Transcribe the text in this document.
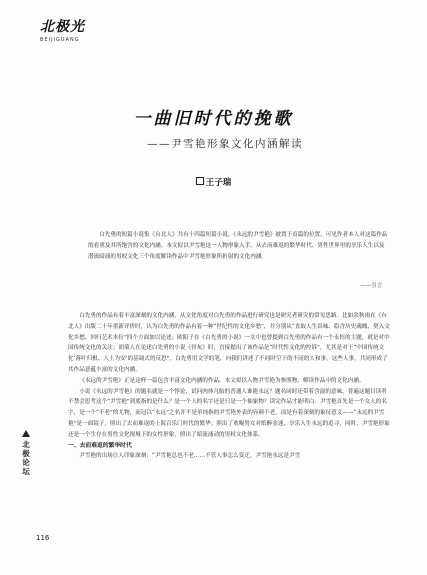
北极光
BEIJIGUANG
一曲旧时代的挽歌
——尹雪艳形象文化内涵解读
王子瑞
白先勇的短篇小说集《台北人》共有十四篇短篇小说，《永远的尹雪艳》被置于首篇的位置，可见作者本人对这篇作品的看重及其所饱含的文化内涵。本文拟以尹雪艳这一人物形象入手，从去而难返的繁华时代、男性世界里的享乐人生以及潜流暗涌的男权文化三个角度解读作品中尹雪艳形象所折射的文化内涵。
——引言

白先勇的作品有着丰富深刻的文化内涵，从文化角度对白先勇的作品进行研究也是研究者研究的常见思路。比如余秋雨在《台北人》出版二十年重新评价时，认为白先勇的作品有着一种“世纪性的文化乡愁”，并分别从“直取人生真味、隐含历史魂魄、契入文化乡愁、回归艺术本位”四个方面加以论述；欧阳子在《白先勇的小说》一文中也曾提到白先勇的作品有一个永恒的主题，就是对中国传统文化的关注；胡菊人在论述白先勇的小说《骨灰》时，直接提出了该作品是“时代性文化的控诉”，尤其是对于“中国传统文化‘落叶归根、人土为安’的基调式的反思”。白先勇用文学的笔，向我们讲述了不同时空下的不同的人和事，这些人事，共同形成了其作品意蕴丰富的文化内涵。

《永远的尹雪艳》正是这样一篇包含丰富文化内涵的作品，本文拟以人物尹雪艳为参照物，解读作品中的文化内涵。

小说《永远的尹雪艳》的题名就是一个悖论，试问肉体凡胎的普通人谁能永远？题名同时还带着含混的意味，普遍这题目读者不禁会思考这个“尹雪艳”到底指的是什么？是一个人的名字还是只是一个抽象物？读完作品才能明白，尹雪艳首先是一个女人的名字，是一个“不老”的尤物，而冠以“永远”之名并不是单纯指的尹雪艳外表的容颜不老，而是有着深刻的象征意义——“永远的尹雪艳”是一面镜子，照出了去而难返的上海百乐门时代的繁华；照出了欢喝男女对纸醉金迷、享乐人生永远的追寻，同时，尹雪艳形象还是一个生存在男性文化视域下的女性形象，照出了暗流涌动的男权文化体系。

一、去而难返的繁华时代

尹雪艳的出场让人印象深刻：“尹雪艳总也不老……不管人事怎么变迁，尹雪艳永远是尹雪

北
极
论
坛
116
